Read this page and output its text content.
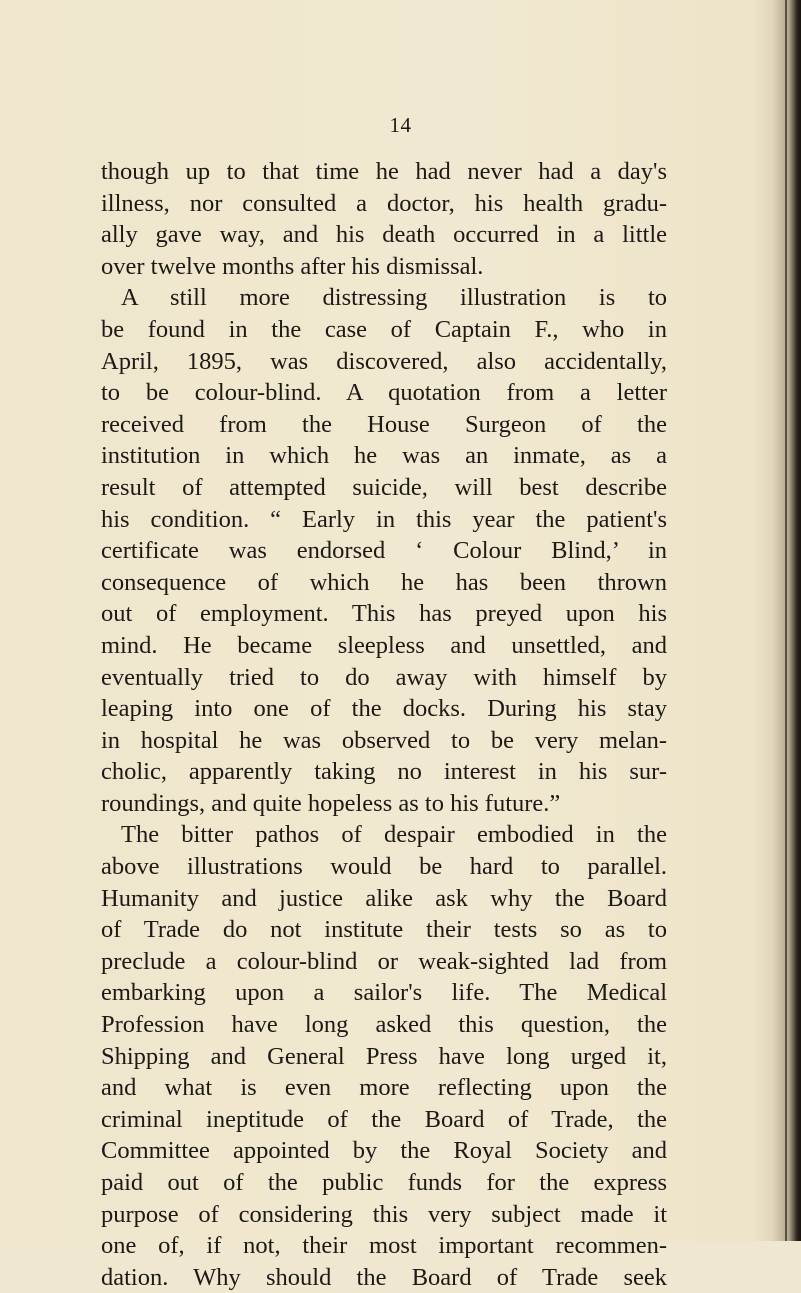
14
though up to that time he had never had a day's
illness, nor consulted a doctor, his health gradu-
ally gave way, and his death occurred in a little
over twelve months after his dismissal.
A still more distressing illustration is to
be found in the case of Captain F., who in
April, 1895, was discovered, also accidentally,
to be colour-blind. A quotation from a letter
received from the House Surgeon of the
institution in which he was an inmate, as a
result of attempted suicide, will best describe
his condition. “ Early in this year the patient's
certificate was endorsed ‘ Colour Blind,’ in
consequence of which he has been thrown
out of employment. This has preyed upon his
mind. He became sleepless and unsettled, and
eventually tried to do away with himself by
leaping into one of the docks. During his stay
in hospital he was observed to be very melan-
cholic, apparently taking no interest in his sur-
roundings, and quite hopeless as to his future.”
The bitter pathos of despair embodied in the
above illustrations would be hard to parallel.
Humanity and justice alike ask why the Board
of Trade do not institute their tests so as to
preclude a colour-blind or weak-sighted lad from
embarking upon a sailor's life. The Medical
Profession have long asked this question, the
Shipping and General Press have long urged it,
and what is even more reflecting upon the
criminal ineptitude of the Board of Trade, the
Committee appointed by the Royal Society and
paid out of the public funds for the express
purpose of considering this very subject made it
one of, if not, their most important recommen-
dation. Why should the Board of Trade seek
